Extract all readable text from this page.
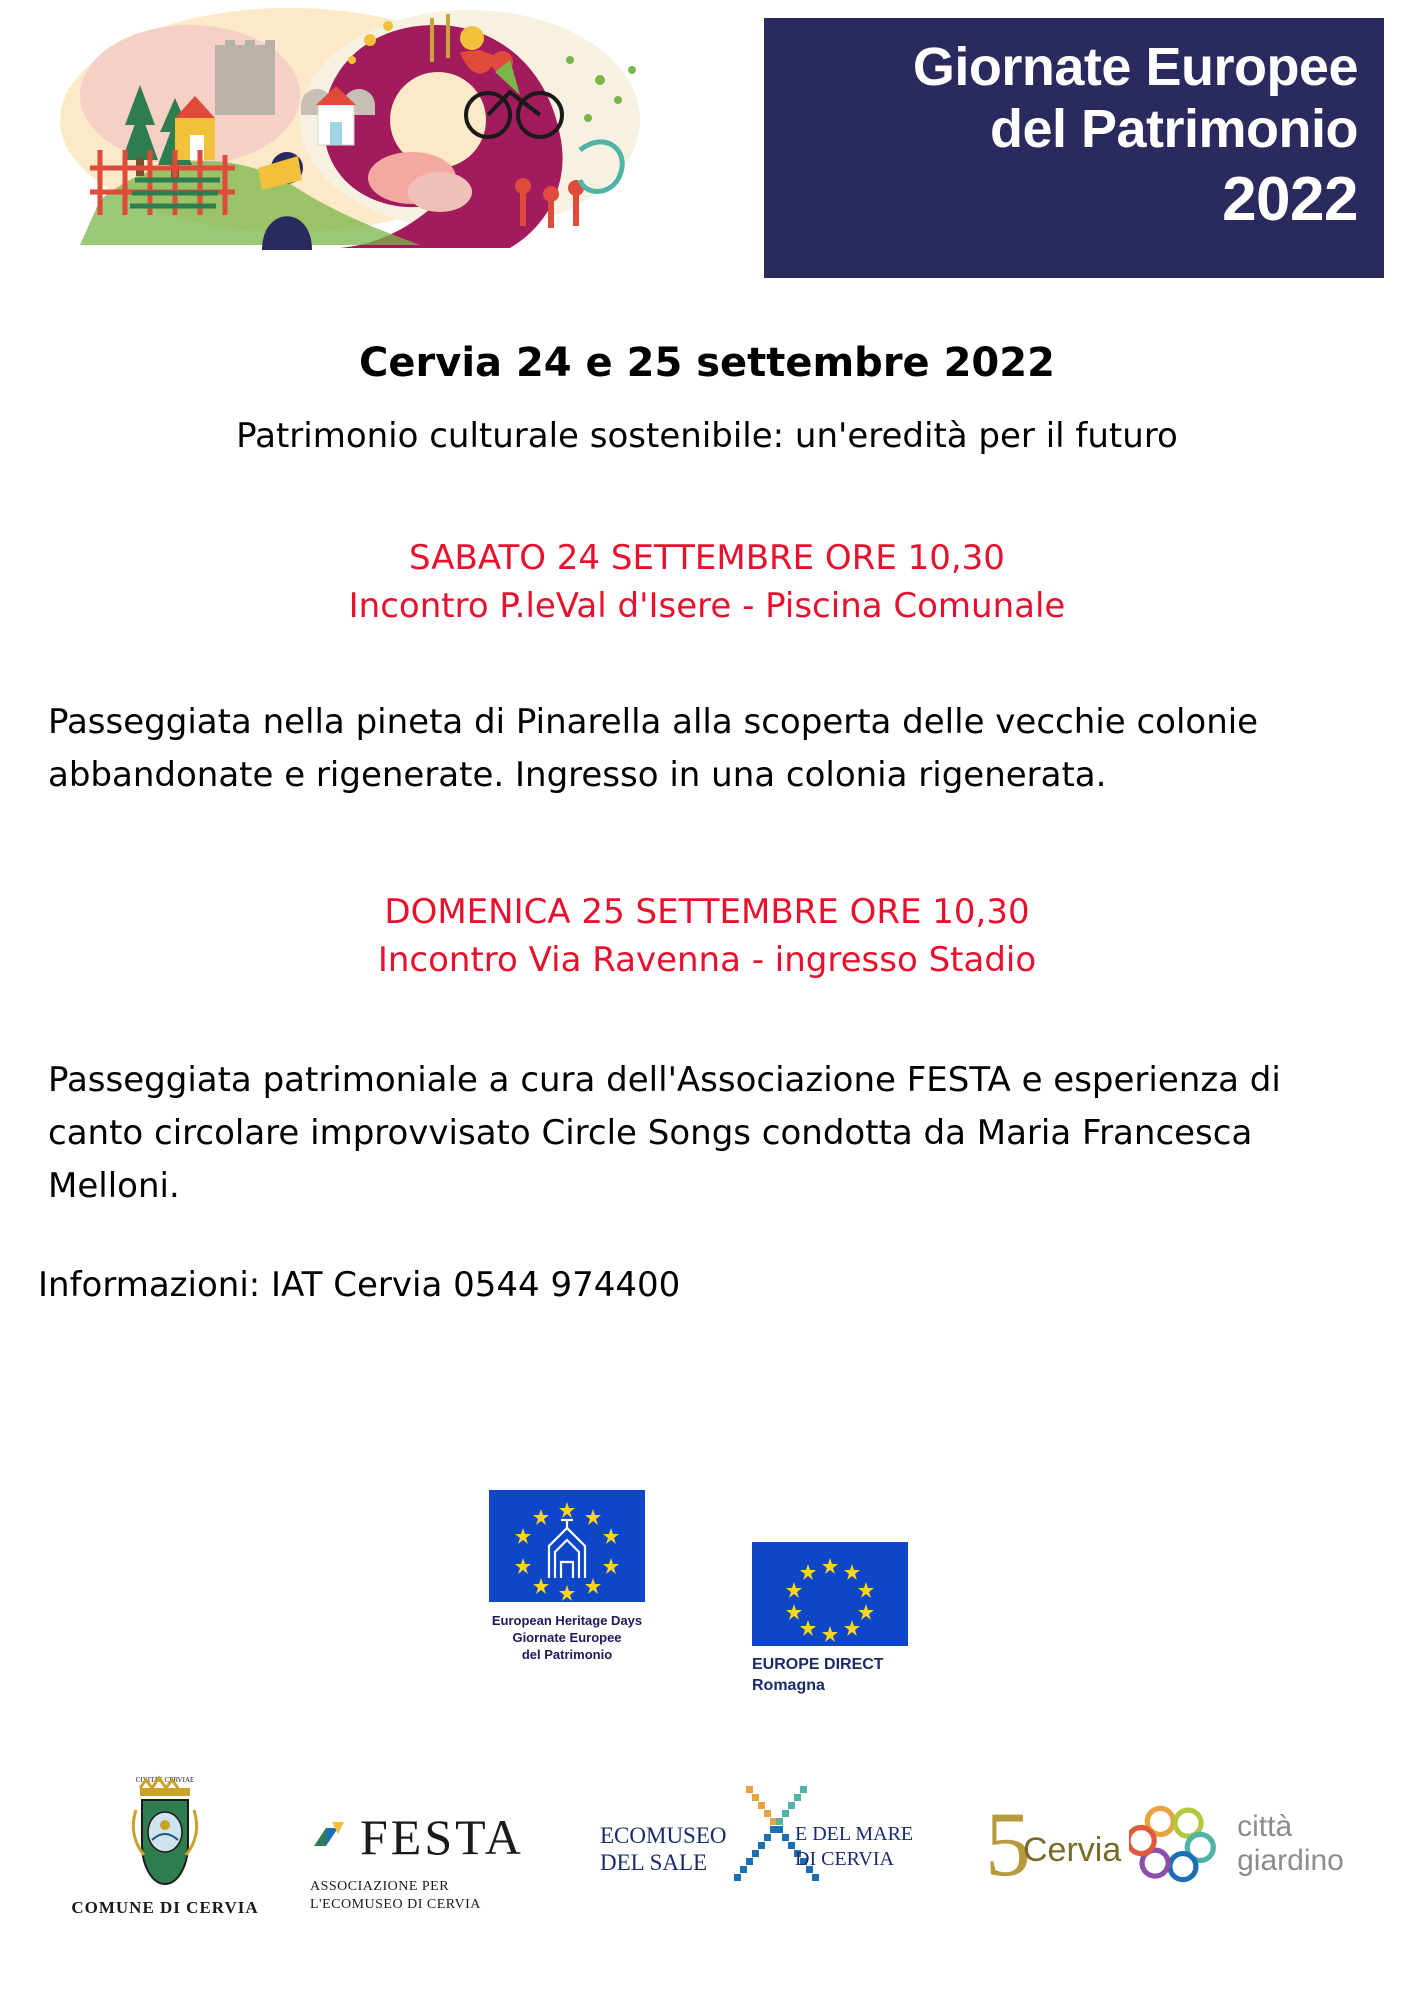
Giornate Europee
del Patrimonio
2022
Cervia 24 e 25 settembre 2022
Patrimonio culturale sostenibile: un'eredità per il futuro
SABATO 24 SETTEMBRE ORE 10,30
Incontro P.leVal d'Isere - Piscina Comunale
Passeggiata nella pineta di Pinarella alla scoperta delle vecchie colonie abbandonate e rigenerate. Ingresso in una colonia rigenerata.
DOMENICA 25 SETTEMBRE ORE 10,30
Incontro Via Ravenna - ingresso Stadio
Passeggiata patrimoniale a cura dell'Associazione FESTA e esperienza di canto circolare improvvisato Circle Songs condotta da Maria Francesca Melloni.
Informazioni: IAT Cervia 0544 974400
European Heritage Days
Giornate Europee
del Patrimonio
EUROPE DIRECT
Romagna
CIVITAS CERVIAE
COMUNE DI CERVIA
FESTA
ASSOCIAZIONE PER
L'ECOMUSEO DI CERVIA
ECOMUSEO
DEL SALE
E DEL MARE
DI CERVIA 5
Cervia
città giardino
